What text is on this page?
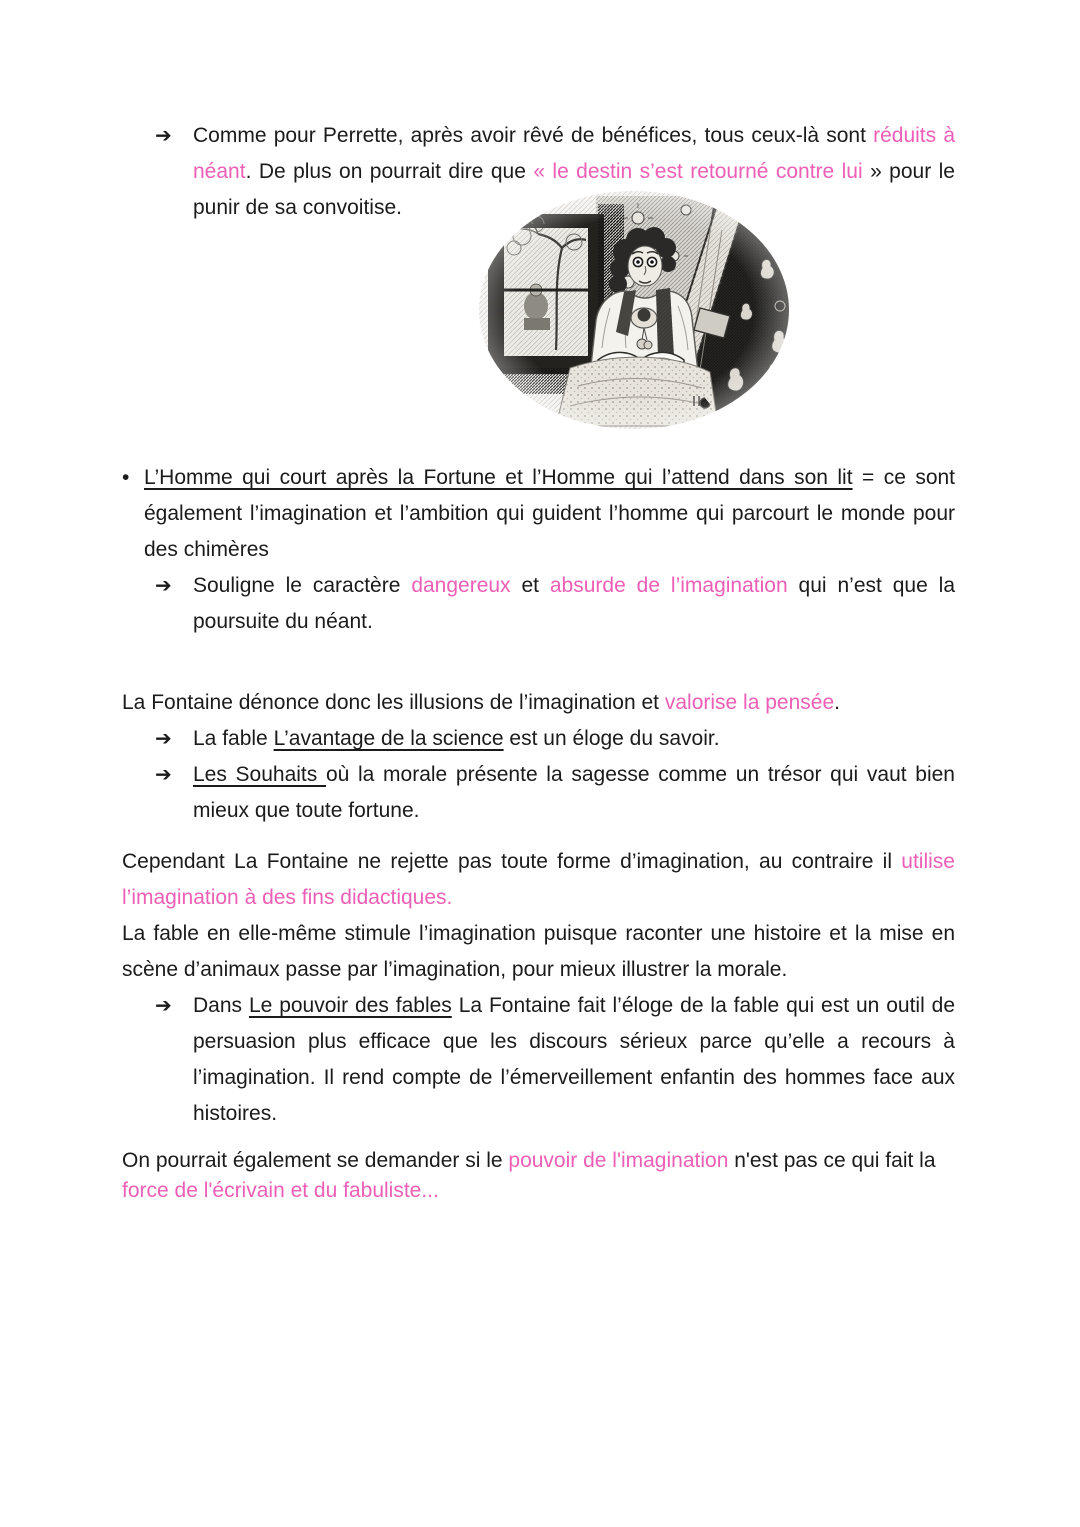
➔	Comme pour Perrette, après avoir rêvé de bénéfices, tous ceux-là sont réduits à néant. De plus on pourrait dire que « le destin s’est retourné contre lui » pour le punir de sa convoitise.
• L’Homme qui court après la Fortune et l’Homme qui l’attend dans son lit = ce sont également l’imagination et l’ambition qui guident l’homme qui parcourt le monde pour des chimères
➔	Souligne le caractère dangereux et absurde de l’imagination qui n’est que la poursuite du néant.

La Fontaine dénonce donc les illusions de l’imagination et valorise la pensée.

➔	La fable L’avantage de la science est un éloge du savoir.
➔	Les Souhaits où la morale présente la sagesse comme un trésor qui vaut bien mieux que toute fortune.

Cependant La Fontaine ne rejette pas toute forme d’imagination, au contraire il utilise l’imagination à des fins didactiques.

La fable en elle-même stimule l’imagination puisque raconter une histoire et la mise en scène d’animaux passe par l’imagination, pour mieux illustrer la morale.

➔	Dans Le pouvoir des fables La Fontaine fait l’éloge de la fable qui est un outil de persuasion plus efficace que les discours sérieux parce qu’elle a recours à l’imagination. Il rend compte de l’émerveillement enfantin des hommes face aux histoires.

On pourrait également se demander si le pouvoir de l'imagination n'est pas ce qui fait la force de l'écrivain et du fabuliste...
